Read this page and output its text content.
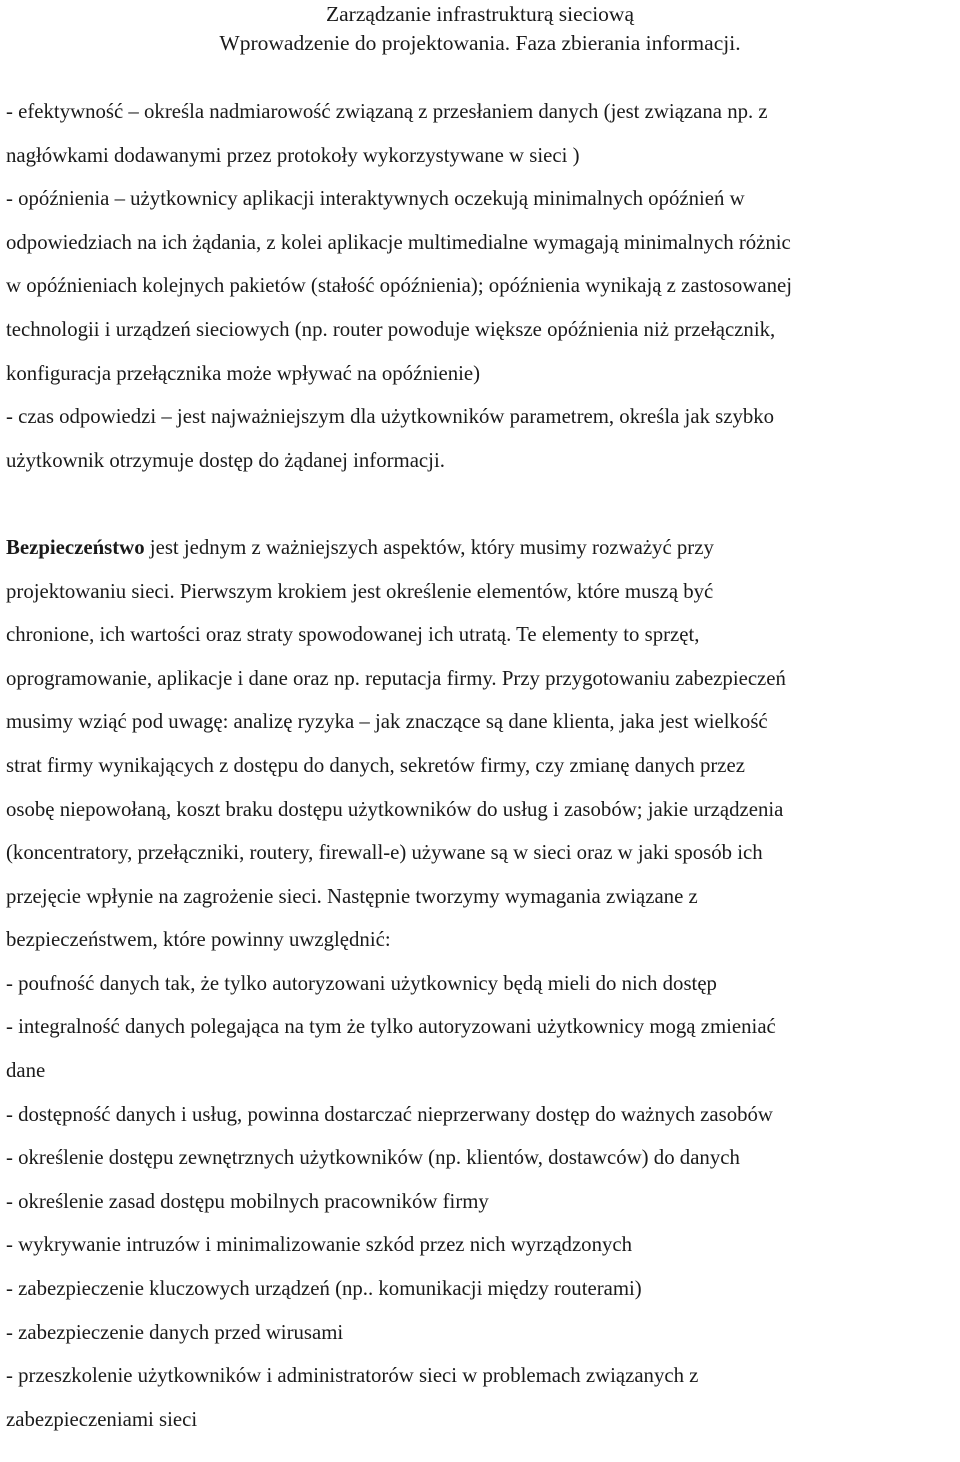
Zarządzanie infrastrukturą sieciową
Wprowadzenie do projektowania. Faza zbierania informacji.
- efektywność – określa nadmiarowość związaną z przesłaniem danych (jest związana np. z
nagłówkami dodawanymi przez protokoły wykorzystywane w sieci )
- opóźnienia – użytkownicy aplikacji interaktywnych oczekują minimalnych opóźnień w
odpowiedziach na ich żądania, z kolei aplikacje multimedialne wymagają minimalnych różnic
w opóźnieniach kolejnych pakietów (stałość opóźnienia); opóźnienia wynikają z zastosowanej
technologii i urządzeń sieciowych (np. router powoduje większe opóźnienia niż przełącznik,
konfiguracja przełącznika może wpływać na opóźnienie)
- czas odpowiedzi – jest najważniejszym dla użytkowników parametrem, określa jak szybko
użytkownik otrzymuje dostęp do żądanej informacji.
Bezpieczeństwo jest jednym z ważniejszych aspektów, który musimy rozważyć przy
projektowaniu sieci. Pierwszym krokiem jest określenie elementów, które muszą być
chronione, ich wartości oraz straty spowodowanej ich utratą. Te elementy to sprzęt,
oprogramowanie, aplikacje i dane oraz np. reputacja firmy. Przy przygotowaniu zabezpieczeń
musimy wziąć pod uwagę: analizę ryzyka – jak znaczące są dane klienta, jaka jest wielkość
strat firmy wynikających z dostępu do danych, sekretów firmy, czy zmianę danych przez
osobę niepowołaną, koszt braku dostępu użytkowników do usług i zasobów; jakie urządzenia
(koncentratory, przełączniki, routery, firewall-e) używane są w sieci oraz w jaki sposób ich
przejęcie wpłynie na zagrożenie sieci. Następnie tworzymy wymagania związane z
bezpieczeństwem, które powinny uwzględnić:
- poufność danych tak, że tylko autoryzowani użytkownicy będą mieli do nich dostęp
- integralność danych polegająca na tym że tylko autoryzowani użytkownicy mogą zmieniać
dane
- dostępność danych i usług, powinna dostarczać nieprzerwany dostęp do ważnych zasobów
- określenie dostępu zewnętrznych użytkowników (np. klientów, dostawców) do danych
- określenie zasad dostępu mobilnych pracowników firmy
- wykrywanie intruzów i minimalizowanie szkód przez nich wyrządzonych
- zabezpieczenie kluczowych urządzeń (np.. komunikacji między routerami)
- zabezpieczenie danych przed wirusami
- przeszkolenie użytkowników i administratorów sieci w problemach związanych z
zabezpieczeniami sieci
